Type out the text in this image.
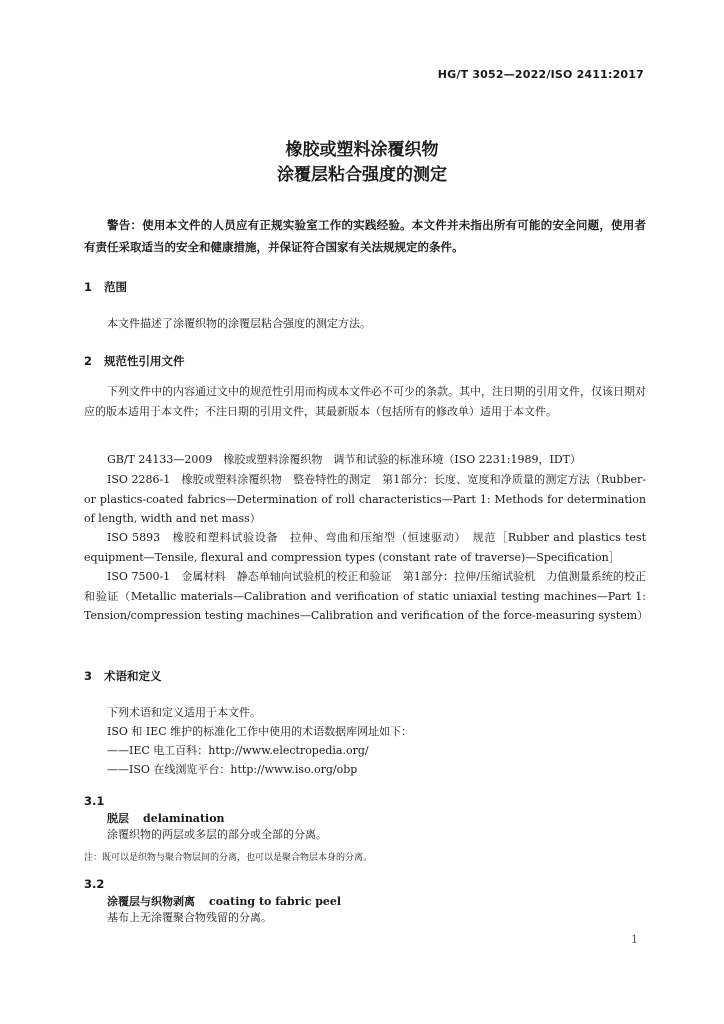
HG/T 3052—2022/ISO 2411:2017
橡胶或塑料涂覆织物
涂覆层粘合强度的测定
警告：使用本文件的人员应有正规实验室工作的实践经验。本文件并未指出所有可能的安全问题，使用者有责任采取适当的安全和健康措施，并保证符合国家有关法规规定的条件。
1 范围
本文件描述了涂覆织物的涂覆层粘合强度的测定方法。
2 规范性引用文件
下列文件中的内容通过文中的规范性引用而构成本文件必不可少的条款。其中，注日期的引用文件，仅该日期对应的版本适用于本文件；不注日期的引用文件，其最新版本（包括所有的修改单）适用于本文件。
GB/T 24133—2009　橡胶或塑料涂覆织物　调节和试验的标准环境（ISO 2231:1989，IDT）
ISO 2286-1　橡胶或塑料涂覆织物　整卷特性的测定　第1部分：长度、宽度和净质量的测定方法（Rubber-or plastics-coated fabrics—Determination of roll characteristics—Part 1: Methods for determination of length, width and net mass）
ISO 5893　橡胶和塑料试验设备　拉伸、弯曲和压缩型（恒速驱动）　规范［Rubber and plastics test equipment—Tensile, flexural and compression types (constant rate of traverse)—Specification］
ISO 7500-1　金属材料　静态单轴向试验机的校正和验证　第1部分：拉伸/压缩试验机　力值测量系统的校正和验证（Metallic materials—Calibration and verification of static uniaxial testing machines—Part 1: Tension/compression testing machines—Calibration and verification of the force-measuring system）
3 术语和定义
下列术语和定义适用于本文件。
ISO 和 IEC 维护的标准化工作中使用的术语数据库网址如下：
——IEC 电工百科：http://www.electropedia.org/
——ISO 在线浏览平台：http://www.iso.org/obp
3.1
脱层 delamination
涂覆织物的两层或多层的部分或全部的分离。
注：既可以是织物与聚合物层间的分离，也可以是聚合物层本身的分离。
3.2
涂覆层与织物剥离 coating to fabric peel
基布上无涂覆聚合物残留的分离。
1
